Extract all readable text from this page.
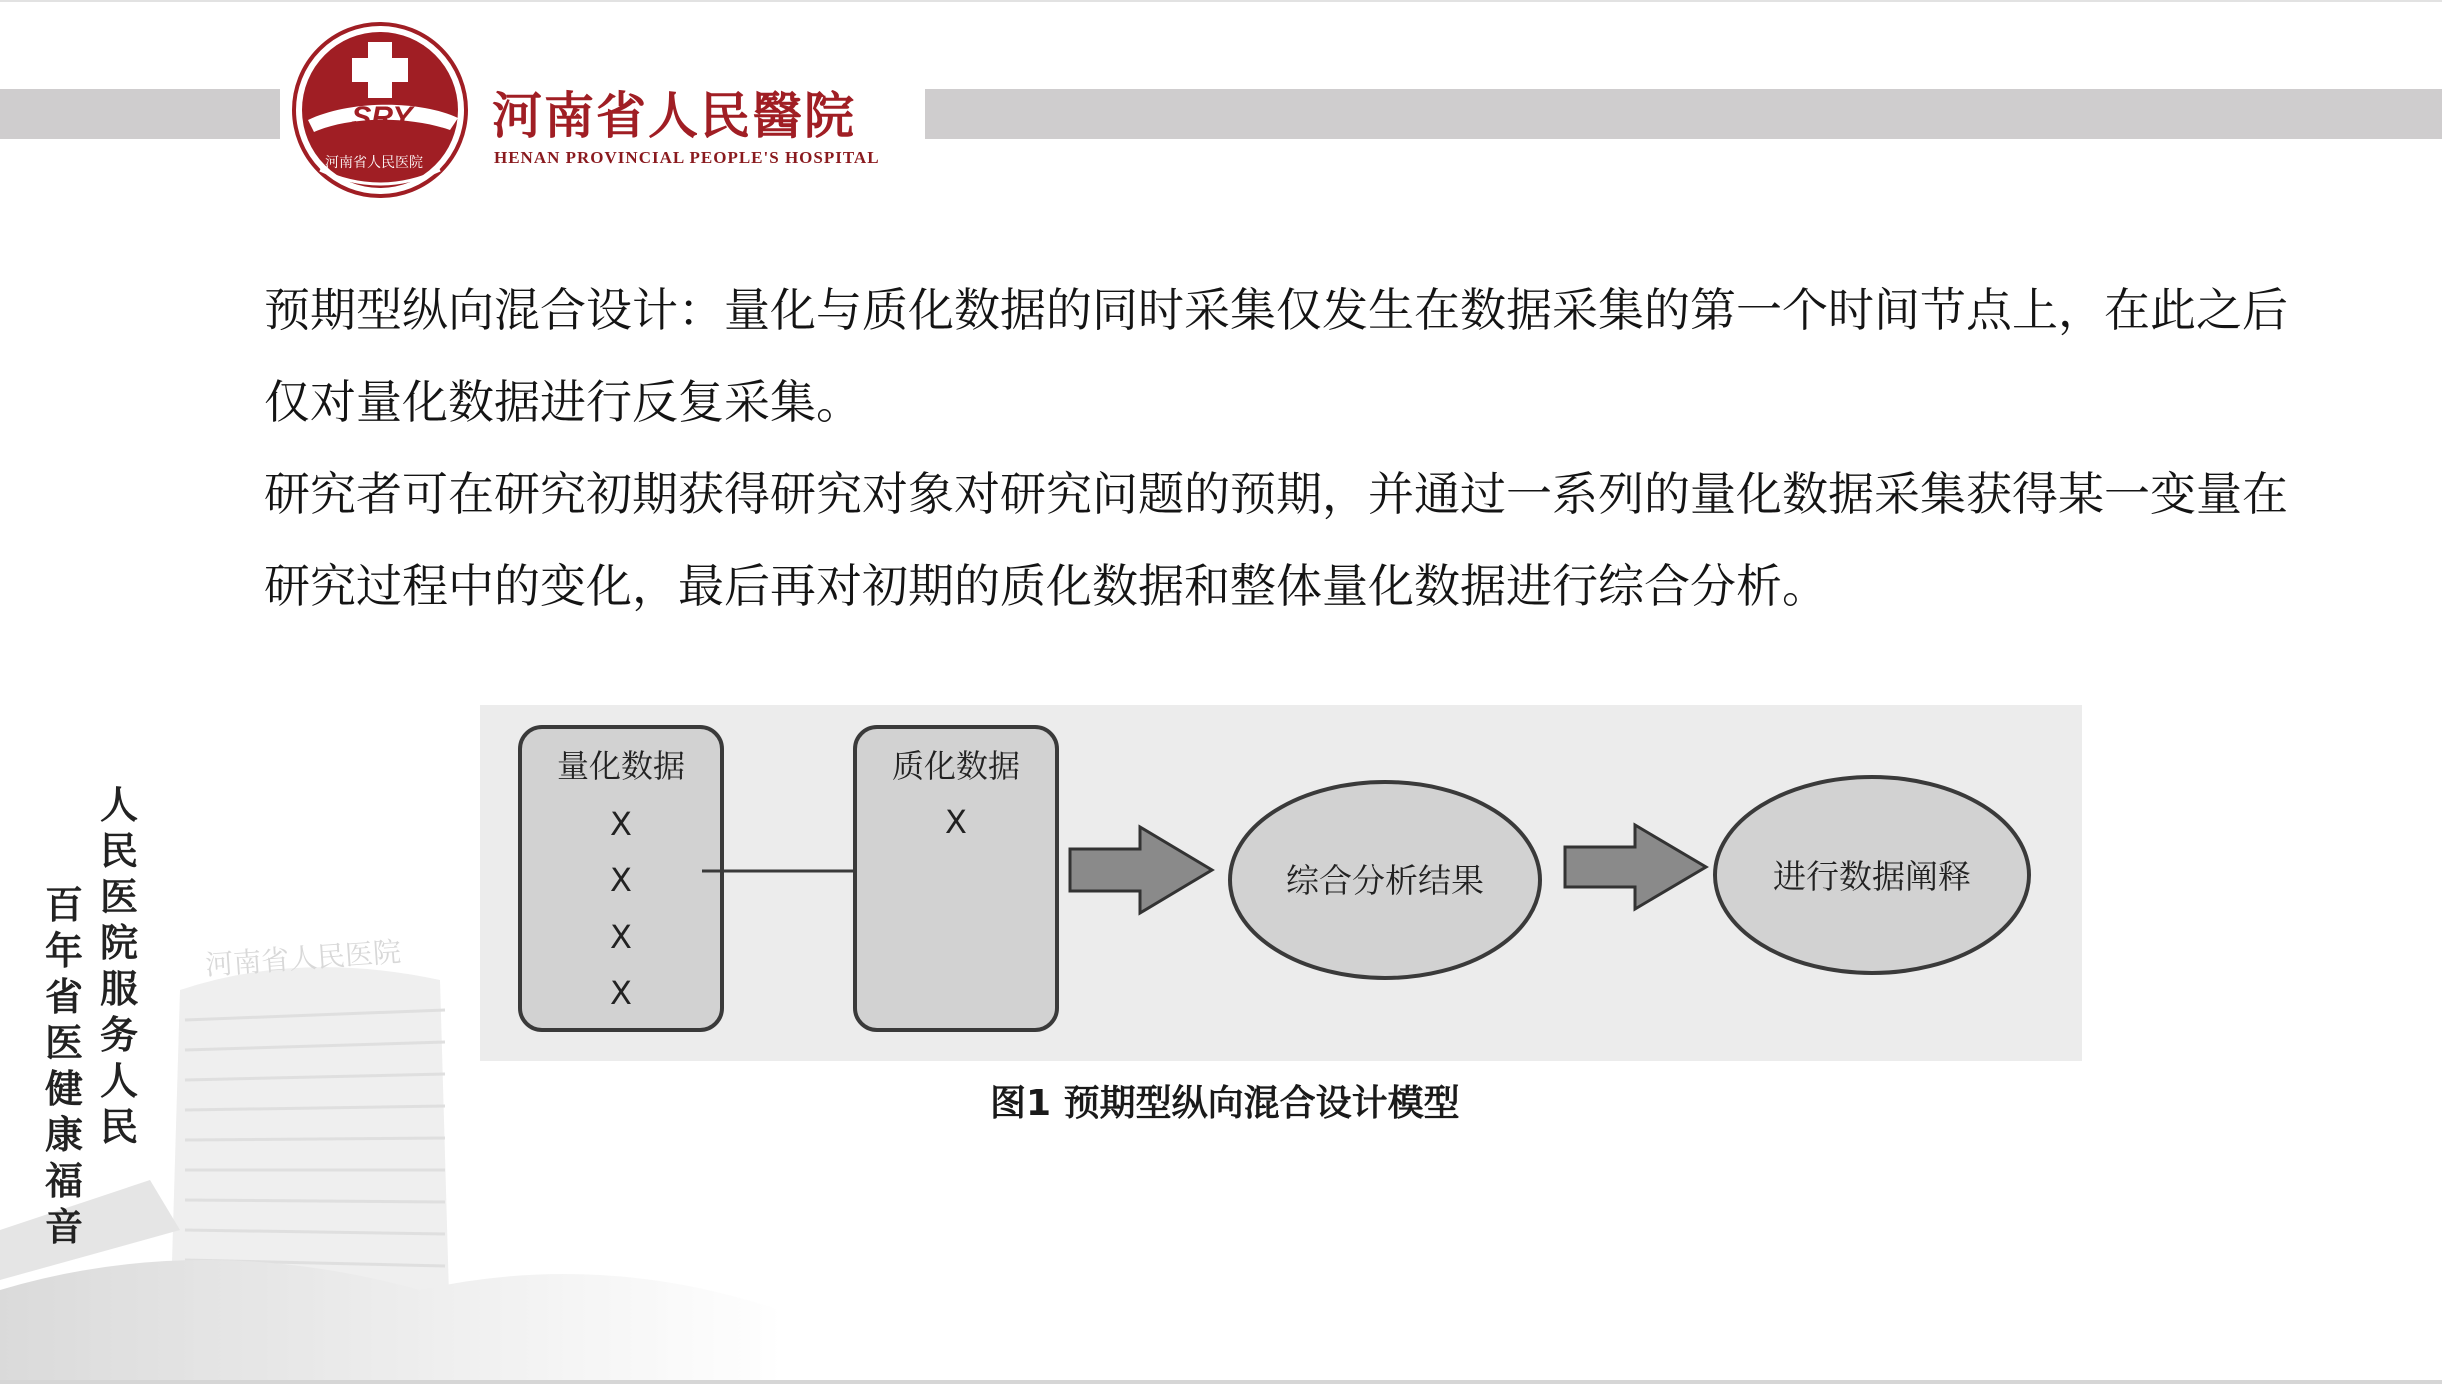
SRY
河南省人民医院
河南省人民醫院
HENAN PROVINCIAL PEOPLE'S HOSPITAL

预期型纵向混合设计：量化与质化数据的同时采集仅发生在数据采集的第一个时间节点上，在此之后仅对量化数据进行反复采集。

研究者可在研究初期获得研究对象对研究问题的预期，并通过一系列的量化数据采集获得某一变量在研究过程中的变化，最后再对初期的质化数据和整体量化数据进行综合分析。

量化数据
X
X
X
X
质化数据
X
综合分析结果	进行数据阐释
图1 预期型纵向混合设计模型
河南省人民医院
人民医院服务人民
百年省医健康福音
